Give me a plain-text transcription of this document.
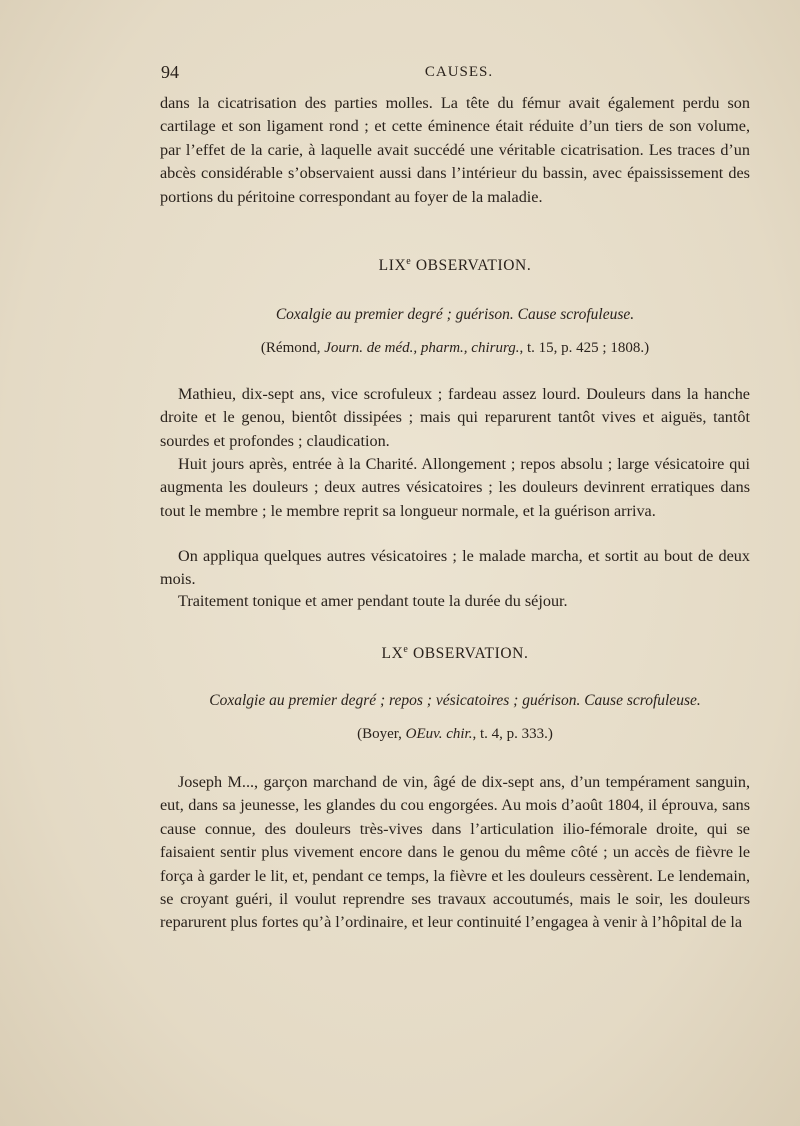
94	CAUSES.

dans la cicatrisation des parties molles. La tête du fémur avait également perdu son cartilage et son ligament rond ; et cette éminence était réduite d’un tiers de son volume, par l’effet de la carie, à laquelle avait succédé une véritable cicatrisation. Les traces d’un abcès considérable s’observaient aussi dans l’intérieur du bassin, avec épaississement des portions du péritoine correspondant au foyer de la maladie.

LIXe OBSERVATION.
Coxalgie au premier degré ; guérison. Cause scrofuleuse.
(Rémond, Journ. de méd., pharm., chirurg., t. 15, p. 425 ; 1808.)

Mathieu, dix-sept ans, vice scrofuleux ; fardeau assez lourd. Douleurs dans la hanche droite et le genou, bientôt dissipées ; mais qui reparurent tantôt vives et aiguës, tantôt sourdes et profondes ; claudication.

Huit jours après, entrée à la Charité. Allongement ; repos absolu ; large vésicatoire qui augmenta les douleurs ; deux autres vésicatoires ; les douleurs devinrent erratiques dans tout le membre ; le membre reprit sa longueur normale, et la guérison arriva.

On appliqua quelques autres vésicatoires ; le malade marcha, et sortit au bout de deux mois.

Traitement tonique et amer pendant toute la durée du séjour.

LXe OBSERVATION.
Coxalgie au premier degré ; repos ; vésicatoires ; guérison. Cause scrofuleuse.
(Boyer, OEuv. chir., t. 4, p. 333.)

Joseph M..., garçon marchand de vin, âgé de dix-sept ans, d’un tempérament sanguin, eut, dans sa jeunesse, les glandes du cou engorgées. Au mois d’août 1804, il éprouva, sans cause connue, des douleurs très-vives dans l’articulation ilio-fémorale droite, qui se faisaient sentir plus vivement encore dans le genou du même côté ; un accès de fièvre le força à garder le lit, et, pendant ce temps, la fièvre et les douleurs cessèrent. Le lendemain, se croyant guéri, il voulut reprendre ses travaux accoutumés, mais le soir, les douleurs reparurent plus fortes qu’à l’ordinaire, et leur continuité l’engagea à venir à l’hôpital de la
